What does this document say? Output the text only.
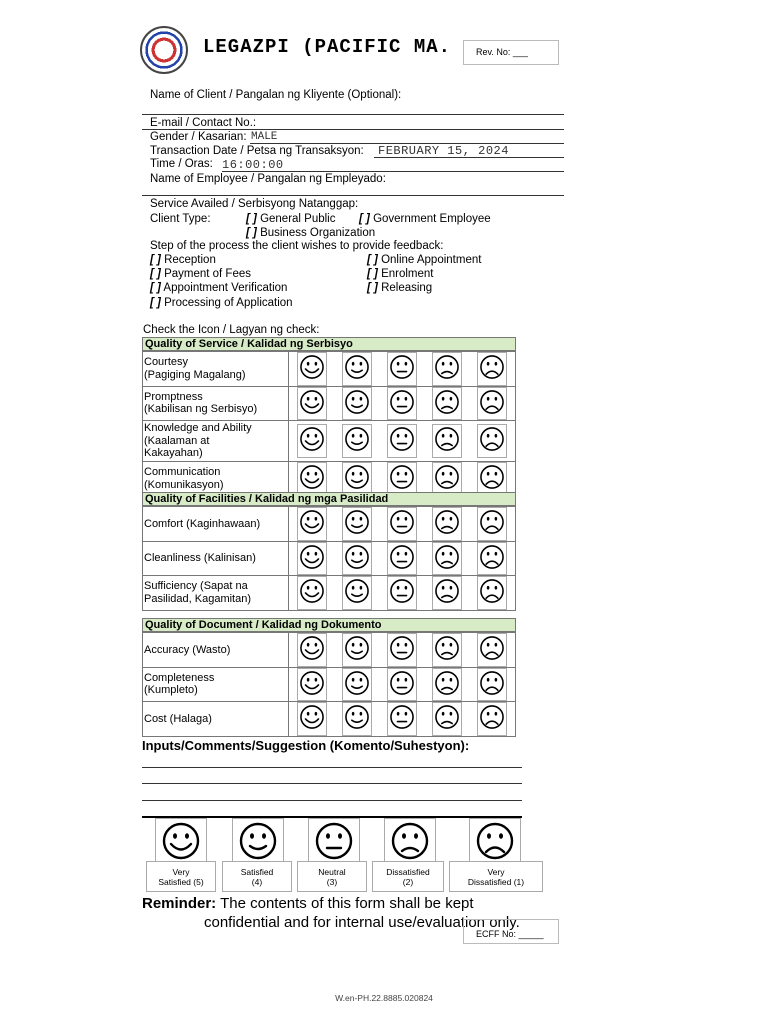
LEGAZPI (PACIFIC MA.	Rev. No: ___
Name of Client / Pangalan ng Kliyente (Optional):
E-mail / Contact No.:
Gender / Kasarian: MALE
Transaction Date / Petsa ng Transaksyon: FEBRUARY 15, 2024
Time / Oras: 16:00:00
Name of Employee / Pangalan ng Empleyado:
Service Availed / Serbisyong Natanggap:
Client Type:	[ ] General Public [ ] Government Employee
[ ] Business Organization
Step of the process the client wishes to provide feedback:
[ ] Reception
[ ] Payment of Fees
[ ] Appointment Verification
[ ] Processing of Application
[ ] Online Appointment
[ ] Enrolment
[ ] Releasing
Check the Icon / Lagyan ng check:
Quality of Service / Kalidad ng Serbisyo
Courtesy
(Pagiging Magalang)	

Promptness
(Kabilisan ng Serbisyo)	

Knowledge and Ability
(Kaalaman at
Kakayahan)	

Communication
(Komunikasyon)	
Quality of Facilities / Kalidad ng mga Pasilidad
Comfort (Kaginhawaan)	

Cleanliness (Kalinisan)	

Sufficiency (Sapat na
Pasilidad, Kagamitan)	
Quality of Document / Kalidad ng Dokumento
Accuracy (Wasto)	

Completeness
(Kumpleto)	

Cost (Halaga)	
Inputs/Comments/Suggestion (Komento/Suhestyon):
Very
Satisfied (5)
Satisfied
(4)
Neutral
(3)
Dissatisfied
(2)
Very
Dissatisfied (1)
Reminder: The contents of this form shall be kept
confidential and for internal use/evaluation only.
ECFF No: _____
W.en-PH.22.8885.020824
